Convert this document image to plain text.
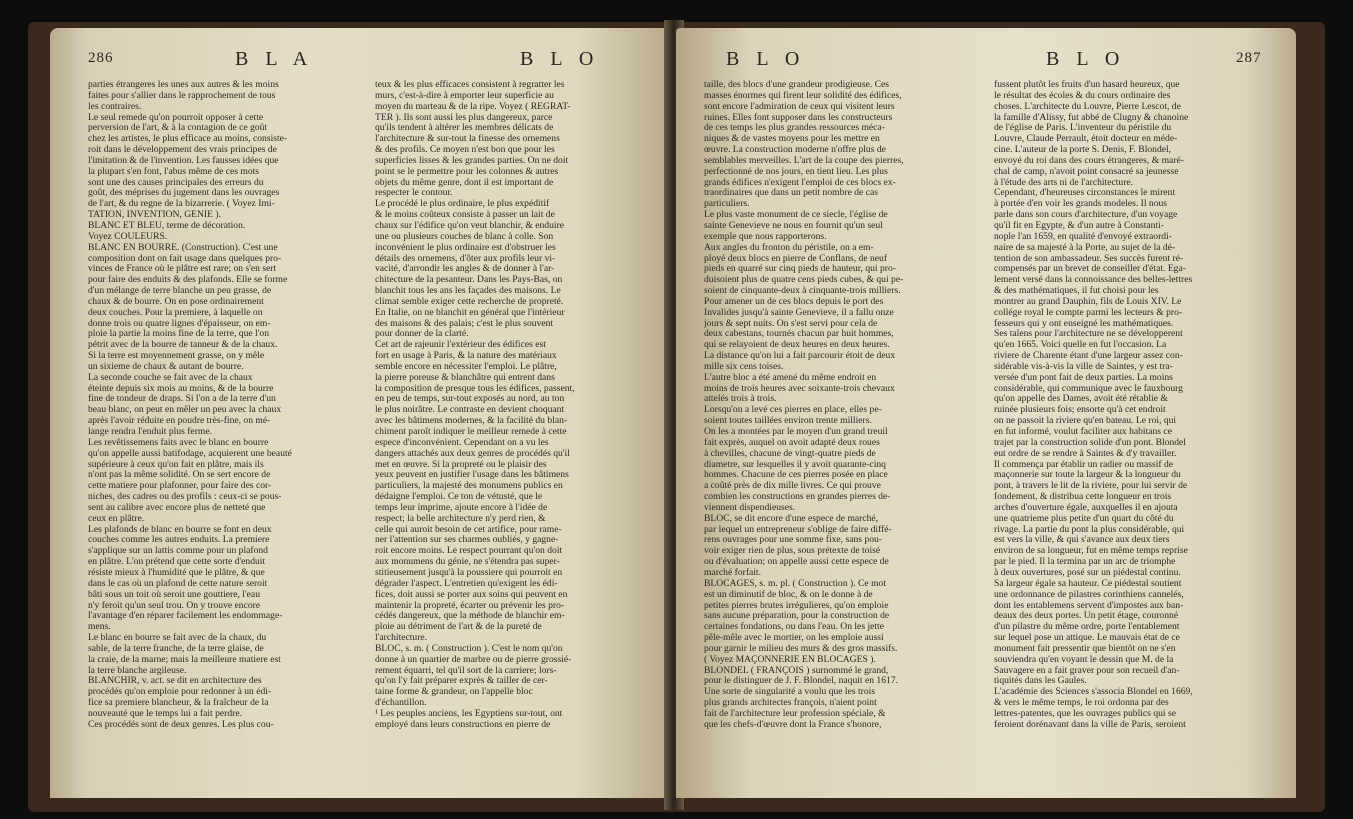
286	B L A	B L O
parties étrangeres les unes aux autres & les moins
faites pour s'allier dans le rapprochement de tous
les contraires.
Le seul remede qu'on pourroit opposer à cette
perversion de l'art, & à la contagion de ce goût
chez les artistes, le plus efficace au moins, consiste-
roit dans le développement des vrais principes de
l'imitation & de l'invention. Les fausses idées que
la plupart s'en font, l'abus même de ces mots
sont une des causes principales des erreurs du
goût, des méprises du jugement dans les ouvrages
de l'art, & du regne de la bizarrerie. ( Voyez Imi-
TATION, INVENTION, GÉNIE ).
BLANC ET BLEU, terme de décoration.
Voyez COULEURS.
BLANC EN BOURRE. (Construction). C'est une
composition dont on fait usage dans quelques pro-
vinces de France où le plâtre est rare; on s'en sert
pour faire des enduits & des plafonds. Elle se forme
d'un mélange de terre blanche un peu grasse, de
chaux & de bourre. On en pose ordinairement
deux couches. Pour la premiere, à laquelle on
donne trois ou quatre lignes d'épaisseur, on em-
ploie la partie la moins fine de la terre, que l'on
pétrit avec de la bourre de tanneur & de la chaux.
Si la terre est moyennement grasse, on y mêle
un sixieme de chaux & autant de bourre.
La seconde couche se fait avec de la chaux
éteinte depuis six mois au moins, & de la bourre
fine de tondeur de draps. Si l'on a de la terre d'un
beau blanc, on peut en mêler un peu avec la chaux
après l'avoir réduite en poudre très-fine, on mé-
lange rendra l'enduit plus ferme.
Les revêtissemens faits avec le blanc en bourre
qu'on appelle aussi batifodage, acquierent une beauté
supérieure à ceux qu'on fait en plâtre, mais ils
n'ont pas la même solidité. On se sert encore de
cette matiere pour plafonner, pour faire des cor-
niches, des cadres ou des profils : ceux-ci se pous-
sent au calibre avec encore plus de netteté que
ceux en plâtre.
Les plafonds de blanc en bourre se font en deux
couches comme les autres enduits. La premiere
s'applique sur un lattis comme pour un plafond
en plâtre. L'on prétend que cette sorte d'enduit
résiste mieux à l'humidité que le plâtre, & que
dans le cas où un plafond de cette nature seroit
bâti sous un toit où seroit une gouttiere, l'eau
n'y feroit qu'un seul trou. On y trouve encore
l'avantage d'en réparer facilement les endommage-
mens.
Le blanc en bourre se fait avec de la chaux, du
sable, de la terre franche, de la terre glaise, de
la craie, de la marne; mais la meilleure matiere est
la terre blanche argileuse.
BLANCHIR, v. act. se dit en architecture des
procédés qu'on emploie pour redonner à un édi-
fice sa premiere blancheur, & la fraîcheur de la
nouveauté que le temps lui a fait perdre.
Ces procédés sont de deux genres. Les plus cou-
teux & les plus efficaces consistent à regratter les
murs, c'est-à-dire à emporter leur superficie au
moyen du marteau & de la ripe. Voyez ( REGRAT-
TER ). Ils sont aussi les plus dangereux, parce
qu'ils tendent à altérer les membres délicats de
l'architecture & sur-tout la finesse des ornemens
& des profils. Ce moyen n'est bon que pour les
superficies lisses & les grandes parties. On ne doit
point se le permettre pour les colonnes & autres
objets du même genre, dont il est important de
respecter le contour.
Le procédé le plus ordinaire, le plus expéditif
& le moins coûteux consiste à passer un lait de
chaux sur l'édifice qu'on veut blanchir, & enduire
une ou plusieurs couches de blanc à colle. Son
inconvénient le plus ordinaire est d'obstruer les
détails des ornemens, d'ôter aux profils leur vi-
vacité, d'arrondir les angles & de donner à l'ar-
chitecture de la pesanteur. Dans les Pays-Bas, on
blanchit tous les ans les façades des maisons. Le
climat semble exiger cette recherche de propreté.
En Italie, on ne blanchit en général que l'intérieur
des maisons & des palais; c'est le plus souvent
pour donner de la clarté.
Cet art de rajeunir l'extérieur des édifices est
fort en usage à Paris, & la nature des matériaux
semble encore en nécessiter l'emploi. Le plâtre,
la pierre poreuse & blanchâtre qui entrent dans
la composition de presque tous les édifices, passent,
en peu de temps, sur-tout exposés au nord, au ton
le plus noirâtre. Le contraste en devient choquant
avec les bâtimens modernes, & la facilité du blan-
chiment paroît indiquer le meilleur remede à cette
espece d'inconvénient. Cependant on a vu les
dangers attachés aux deux genres de procédés qu'il
met en œuvre. Si la propreté ou le plaisir des
yeux peuvent en justifier l'usage dans les bâtimens
particuliers, la majesté des monumens publics en
dédaigne l'emploi. Ce ton de vétusté, que le
temps leur imprime, ajoute encore à l'idée de
respect; la belle architecture n'y perd rien, &
celle qui auroit besoin de cet artifice, pour rame-
ner l'attention sur ses charmes oubliés, y gagne-
roit encore moins. Le respect pourrant qu'on doit
aux monumens du génie, ne s'étendra pas super-
stitieusement jusqu'à la poussiere qui pourroit en
dégrader l'aspect. L'entretien qu'exigent les édi-
fices, doit aussi se porter aux soins qui peuvent en
maintenir la propreté, écarter ou prévenir les pro-
cédés dangereux, que la méthode de blanchir em-
ploie au détriment de l'art & de la pureté de
l'architecture.
BLOC, s. m. ( Construction ). C'est le nom qu'on
donne à un quartier de marbre ou de pierre grossié-
rement équarri, tel qu'il sort de la carriere; lors-
qu'on l'y fait préparer exprès & tailler de cer-
taine forme & grandeur, on l'appelle bloc
d'échantillon.
¹ Les peuples anciens, les Egyptiens sur-tout, ont
employé dans leurs constructions en pierre de
B L O	B L O	287
taille, des blocs d'une grandeur prodigieuse. Ces
masses énormes qui firent leur solidité des édifices,
sont encore l'admiration de ceux qui visitent leurs
ruines. Elles font supposer dans les constructeurs
de ces temps les plus grandes ressources méca-
niques & de vastes moyens pour les mettre en
œuvre. La construction moderne n'offre plus de
semblables merveilles. L'art de la coupe des pierres,
perfectionné de nos jours, en tient lieu. Les plus
grands édifices n'exigent l'emploi de ces blocs ex-
traordinaires que dans un petit nombre de cas
particuliers.
Le plus vaste monument de ce siecle, l'église de
sainte Genevieve ne nous en fournit qu'un seul
exemple que nous rapporterons.
Aux angles du fronton du péristile, on a em-
ployé deux blocs en pierre de Conflans, de neuf
pieds en quarré sur cinq pieds de hauteur, qui pro-
duisoient plus de quatre cens pieds cubes, & qui pe-
soient de cinquante-deux à cinquante-trois milliers.
Pour amener un de ces blocs depuis le port des
Invalides jusqu'à sainte Genevieve, il a fallu onze
jours & sept nuits. On s'est servi pour cela de
deux cabestans, tournés chacun par huit hommes,
qui se relayoient de deux heures en deux heures.
La distance qu'on lui a fait parcourir étoit de deux
mille six cens toises.
L'autre bloc a été amené du même endroit en
moins de trois heures avec soixante-trois chevaux
attelés trois à trois.
Lorsqu'on a levé ces pierres en place, elles pe-
soient toutes taillées environ trente milliers.
On les a montées par le moyen d'un grand treuil
fait exprès, auquel on avoit adapté deux roues
à chevilles, chacune de vingt-quatre pieds de
diametre, sur lesquelles il y avoit quarante-cinq
hommes. Chacune de ces pierres posée en place
a coûté près de dix mille livres. Ce qui prouve
combien les constructions en grandes pierres de-
viennent dispendieuses.
BLOC, se dit encore d'une espece de marché,
par lequel un entrepreneur s'oblige de faire diffé-
rens ouvrages pour une somme fixe, sans pou-
voir exiger rien de plus, sous prétexte de toisé
ou d'évaluation; on appelle aussi cette espece de
marché forfait.
BLOCAGES, s. m. pl. ( Construction ). Ce mot
est un diminutif de bloc, & on le donne à de
petites pierres brutes irrégulieres, qu'on emploie
sans aucune préparation, pour la construction de
certaines fondations, ou dans l'eau. On les jette
pêle-mêle avec le mortier, on les emploie aussi
pour garnir le milieu des murs & des gros massifs.
( Voyez MAÇONNERIE EN BLOCAGES ).
BLONDEL ( FRANÇOIS ) surnommé le grand,
pour le distinguer de J. F. Blondel, naquit en 1617.
Une sorte de singularité a voulu que les trois
plus grands architectes françois, n'aient point
fait de l'architecture leur profession spéciale, &
que les chefs-d'œuvre dont la France s'honore,
fussent plutôt les fruits d'un hasard heureux, que
le résultat des écoles & du cours ordinaire des
choses. L'architecte du Louvre, Pierre Lescot, de
la famille d'Alissy, fut abbé de Clugny & chanoine
de l'église de Paris. L'inventeur du péristile du
Louvre, Claude Perrault, étoit docteur en méde-
cine. L'auteur de la porte S. Denis, F. Blondel,
envoyé du roi dans des cours étrangeres, & maré-
chal de camp, n'avoit point consacré sa jeunesse
à l'étude des arts ni de l'architecture.
Cependant, d'heureuses circonstances le mirent
à portée d'en voir les grands modeles. Il nous
parle dans son cours d'architecture, d'un voyage
qu'il fit en Egypte, & d'un autre à Constanti-
nople l'an 1659, en qualité d'envoyé extraordi-
naire de sa majesté à la Porte, au sujet de la dé-
tention de son ambassadeur. Ses succès furent ré-
compensés par un brevet de conseiller d'état. Ega-
lement versé dans la connoissance des belles-lettres
& des mathématiques, il fut choisi pour les
montrer au grand Dauphin, fils de Louis XIV. Le
collége royal le compte parmi les lecteurs & pro-
fesseurs qui y ont enseigné les mathématiques.
Ses talens pour l'architecture ne se développerent
qu'en 1665. Voici quelle en fut l'occasion. La
riviere de Charente étant d'une largeur assez con-
sidérable vis-à-vis la ville de Saintes, y est tra-
versée d'un pont fait de deux parties. La moins
considérable, qui communique avec le fauxbourg
qu'on appelle des Dames, avoit été rétablie &
ruinée plusieurs fois; ensorte qu'à cet endroit
on ne passoit la riviere qu'en bateau. Le roi, qui
en fut informé, voulut faciliter aux habitans ce
trajet par la construction solide d'un pont. Blondel
eut ordre de se rendre à Saintes & d'y travailler.
Il commença par établir un radier ou massif de
maçonnerie sur toute la largeur & la longueur du
pont, à travers le lit de la riviere, pour lui servir de
fondement, & distribua cette longueur en trois
arches d'ouverture égale, auxquelles il en ajouta
une quatrieme plus petite d'un quart du côté du
rivage. La partie du pont la plus considérable, qui
est vers la ville, & qui s'avance aux deux tiers
environ de sa longueur, fut en même temps reprise
par le pied. Il la termina par un arc de triomphe
à deux ouvertures, posé sur un piédestal continu.
Sa largeur égale sa hauteur. Ce piédestal soutient
une ordonnance de pilastres corinthiens cannelés,
dont les entablemens servent d'impostes aux ban-
deaux des deux portes. Un petit étage, couronné
d'un pilastre du même ordre, porte l'entablement
sur lequel pose un attique. Le mauvais état de ce
monument fait pressentir que bientôt on ne s'en
souviendra qu'en voyant le dessin que M. de la
Sauvagere en a fait graver pour son recueil d'an-
tiquités dans les Gaules.
L'académie des Sciences s'associa Blondel en 1669,
& vers le même temps, le roi ordonna par des
lettres-patentes, que les ouvrages publics qui se
feroient dorénavant dans la ville de Paris, seroient
